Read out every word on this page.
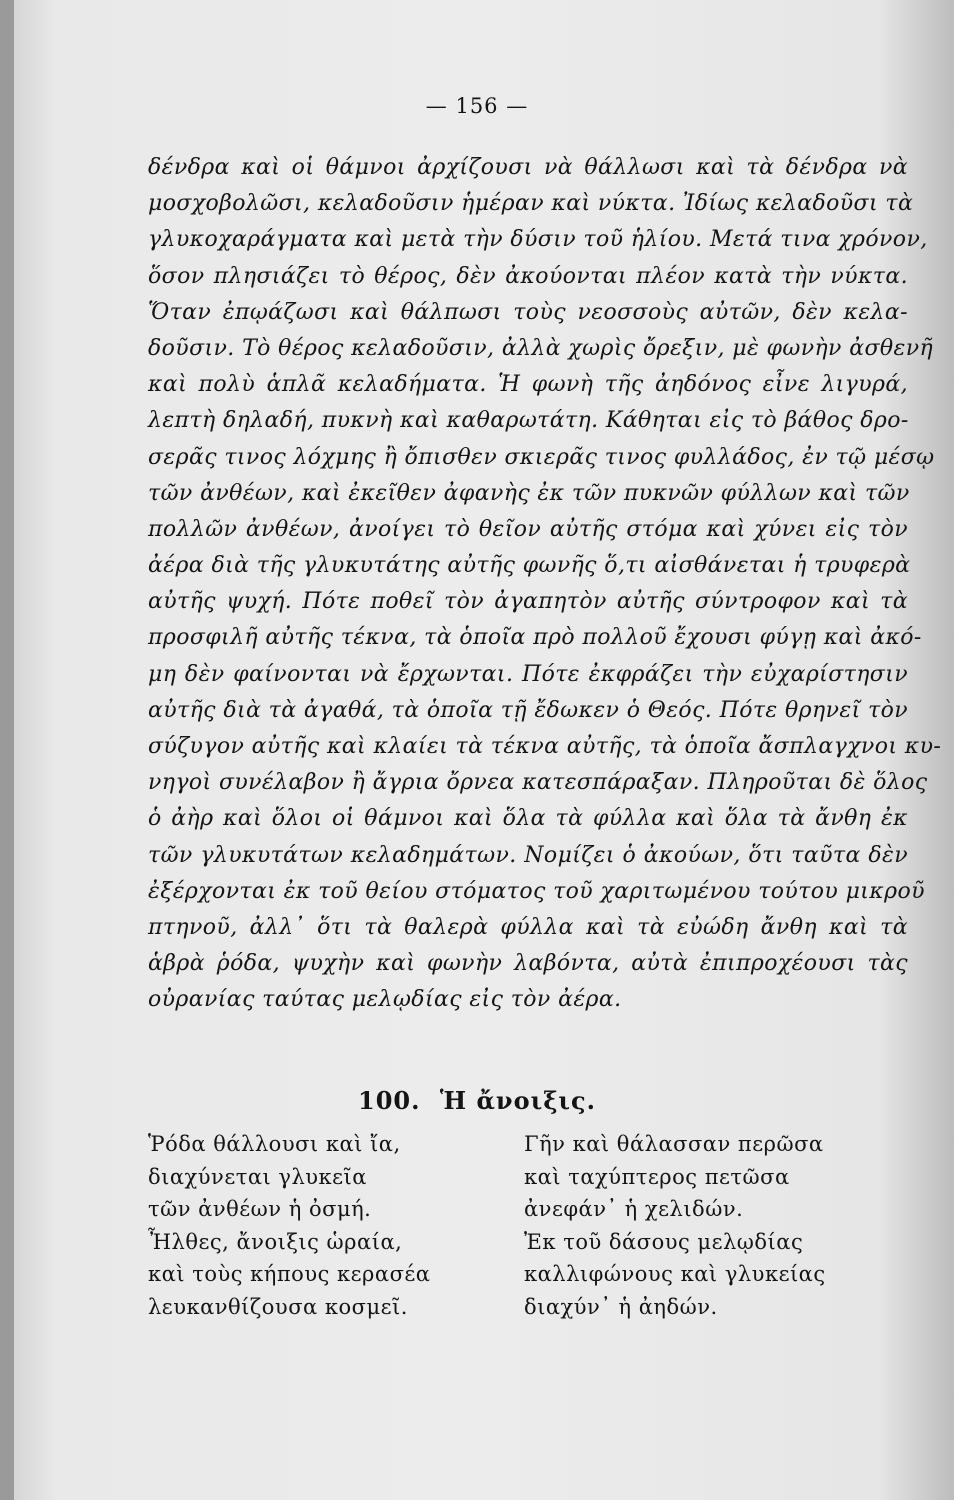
— 156 —
δένδρα καὶ οἱ θάμνοι ἀρχίζουσι νὰ θάλλωσι καὶ τὰ δένδρα νὰ
μοσχοβολῶσι, κελαδοῦσιν ἡμέραν καὶ νύκτα. Ἰδίως κελαδοῦσι τὰ
γλυκοχαράγματα καὶ μετὰ τὴν δύσιν τοῦ ἡλίου. Μετά τινα χρόνον,
ὅσον πλησιάζει τὸ θέρος, δὲν ἀκούονται πλέον κατὰ τὴν νύκτα.
Ὅταν ἐπῳάζωσι καὶ θάλπωσι τοὺς νεοσσοὺς αὐτῶν, δὲν κελα-
δοῦσιν. Τὸ θέρος κελαδοῦσιν, ἀλλὰ χωρὶς ὄρεξιν, μὲ φωνὴν ἀσθενῆ
καὶ πολὺ ἁπλᾶ κελαδήματα. Ἡ φωνὴ τῆς ἀηδόνος εἶνε λιγυρά,
λεπτὴ δηλαδή, πυκνὴ καὶ καθαρωτάτη. Κάθηται εἰς τὸ βάθος δρο-
σερᾶς τινος λόχμης ἢ ὄπισθεν σκιερᾶς τινος φυλλάδος, ἐν τῷ μέσῳ
τῶν ἀνθέων, καὶ ἐκεῖθεν ἀφανὴς ἐκ τῶν πυκνῶν φύλλων καὶ τῶν
πολλῶν ἀνθέων, ἀνοίγει τὸ θεῖον αὐτῆς στόμα καὶ χύνει εἰς τὸν
ἀέρα διὰ τῆς γλυκυτάτης αὐτῆς φωνῆς ὅ,τι αἰσθάνεται ἡ τρυφερὰ
αὐτῆς ψυχή. Πότε ποθεῖ τὸν ἀγαπητὸν αὐτῆς σύντροφον καὶ τὰ
προσφιλῆ αὐτῆς τέκνα, τὰ ὁποῖα πρὸ πολλοῦ ἔχουσι φύγῃ καὶ ἀκό-
μη δὲν φαίνονται νὰ ἔρχωνται. Πότε ἐκφράζει τὴν εὐχαρίστησιν
αὐτῆς διὰ τὰ ἀγαθά, τὰ ὁποῖα τῇ ἔδωκεν ὁ Θεός. Πότε θρηνεῖ τὸν
σύζυγον αὐτῆς καὶ κλαίει τὰ τέκνα αὐτῆς, τὰ ὁποῖα ἄσπλαγχνοι κυ-
νηγοὶ συνέλαβον ἢ ἄγρια ὄρνεα κατεσπάραξαν. Πληροῦται δὲ ὅλος
ὁ ἀὴρ καὶ ὅλοι οἱ θάμνοι καὶ ὅλα τὰ φύλλα καὶ ὅλα τὰ ἄνθη ἐκ
τῶν γλυκυτάτων κελαδημάτων. Νομίζει ὁ ἀκούων, ὅτι ταῦτα δὲν
ἐξέρχονται ἐκ τοῦ θείου στόματος τοῦ χαριτωμένου τούτου μικροῦ
πτηνοῦ, ἀλλ᾽ ὅτι τὰ θαλερὰ φύλλα καὶ τὰ εὐώδη ἄνθη καὶ τὰ
ἁβρὰ ῥόδα, ψυχὴν καὶ φωνὴν λαβόντα, αὐτὰ ἐπιπροχέουσι τὰς
οὐρανίας ταύτας μελῳδίας εἰς τὸν ἀέρα.
100. Ἡ ἄνοιξις.
Ῥόδα θάλλουσι καὶ ἴα,
διαχύνεται γλυκεῖα
τῶν ἀνθέων ἡ ὀσμή.
Ἦλθες, ἄνοιξις ὡραία,
καὶ τοὺς κήπους κερασέα
λευκανθίζουσα κοσμεῖ.
Γῆν καὶ θάλασσαν περῶσα
καὶ ταχύπτερος πετῶσα
ἀνεφάν᾽ ἡ χελιδών.
Ἐκ τοῦ δάσους μελῳδίας
καλλιφώνους καὶ γλυκείας
διαχύν᾽ ἡ ἀηδών.
